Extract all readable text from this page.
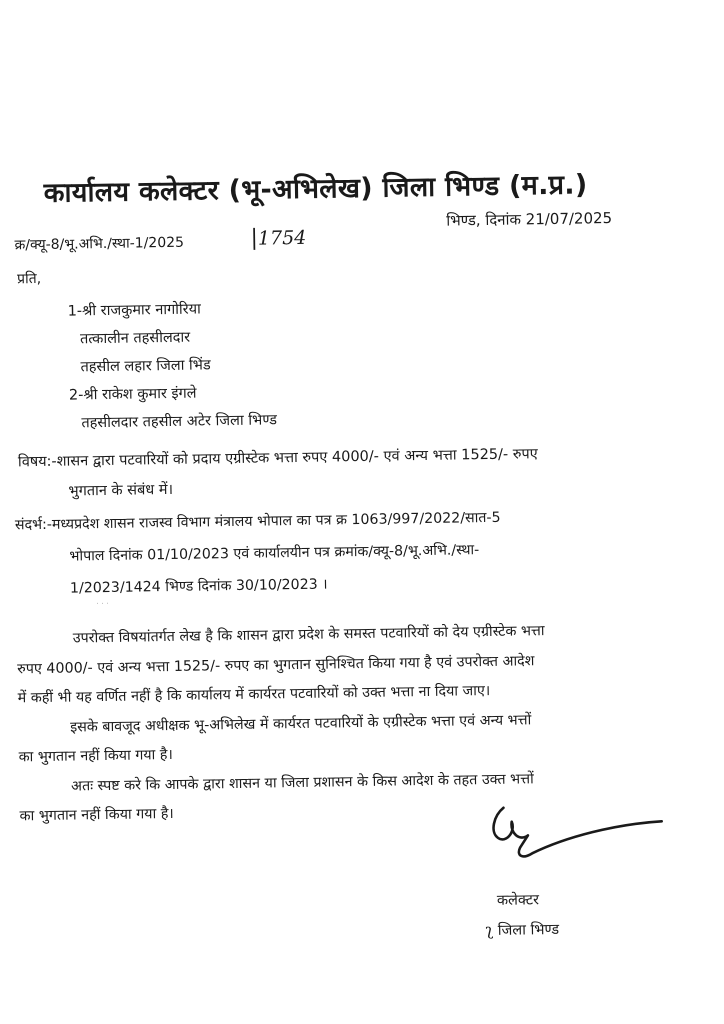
कार्यालय कलेक्टर (भू-अभिलेख) जिला भिण्ड (म.प्र.)
भिण्ड, दिनांक 21/07/2025
क्र/क्यू-8/भू.अभि./स्था-1/2025	|1754
प्रति,
1-श्री राजकुमार नागोरिया
तत्कालीन तहसीलदार
तहसील लहार जिला भिंड
2-श्री राकेश कुमार इंगले
तहसीलदार तहसील अटेर जिला भिण्ड
विषय:-शासन द्वारा पटवारियों को प्रदाय एग्रीस्टेक भत्ता रुपए 4000/- एवं अन्य भत्ता 1525/- रुपए
भुगतान के संबंध में।
संदर्भ:-मध्यप्रदेश शासन राजस्व विभाग मंत्रालय भोपाल का पत्र क्र 1063/997/2022/सात-5
भोपाल दिनांक 01/10/2023 एवं कार्यालयीन पत्र क्रमांक/क्यू-8/भू.अभि./स्था-
1/2023/1424 भिण्ड दिनांक 30/10/2023 ।
· · ·
उपरोक्त विषयांतर्गत लेख है कि शासन द्वारा प्रदेश के समस्त पटवारियों को देय एग्रीस्टेक भत्ता
रुपए 4000/- एवं अन्य भत्ता 1525/- रुपए का भुगतान सुनिश्चित किया गया है एवं उपरोक्त आदेश
में कहीं भी यह वर्णित नहीं है कि कार्यालय में कार्यरत पटवारियों को उक्त भत्ता ना दिया जाए।
इसके बावजूद अधीक्षक भू-अभिलेख में कार्यरत पटवारियों के एग्रीस्टेक भत्ता एवं अन्य भत्तों
का भुगतान नहीं किया गया है।
अतः स्पष्ट करे कि आपके द्वारा शासन या जिला प्रशासन के किस आदेश के तहत उक्त भत्तों
का भुगतान नहीं किया गया है।
कलेक्टर
ʅ जिला भिण्ड
